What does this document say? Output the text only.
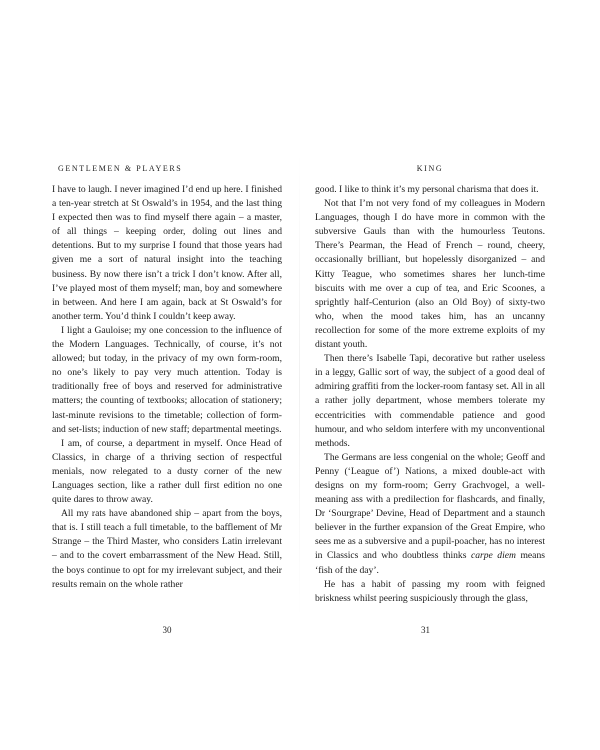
GENTLEMEN & PLAYERS

I have to laugh. I never imagined I’d end up here. I finished a ten-year stretch at St Oswald’s in 1954, and the last thing I expected then was to find myself there again – a master, of all things – keeping order, doling out lines and detentions. But to my surprise I found that those years had given me a sort of natural insight into the teaching business. By now there isn’t a trick I don’t know. After all, I’ve played most of them myself; man, boy and somewhere in between. And here I am again, back at St Oswald’s for another term. You’d think I couldn’t keep away.

I light a Gauloise; my one concession to the influence of the Modern Languages. Technically, of course, it’s not allowed; but today, in the privacy of my own form-room, no one’s likely to pay very much attention. Today is traditionally free of boys and reserved for administrative matters; the counting of textbooks; allocation of stationery; last-minute revisions to the timetable; collection of form-and set-lists; induction of new staff; departmental meetings.

I am, of course, a department in myself. Once Head of Classics, in charge of a thriving section of respectful menials, now relegated to a dusty corner of the new Languages section, like a rather dull first edition no one quite dares to throw away.

All my rats have abandoned ship – apart from the boys, that is. I still teach a full timetable, to the bafflement of Mr Strange – the Third Master, who considers Latin irrelevant – and to the covert embarrassment of the New Head. Still, the boys continue to opt for my irrelevant subject, and their results remain on the whole rather

30
KING

good. I like to think it’s my personal charisma that does it.

Not that I’m not very fond of my colleagues in Modern Languages, though I do have more in common with the subversive Gauls than with the humourless Teutons. There’s Pearman, the Head of French – round, cheery, occasionally brilliant, but hopelessly disorganized – and Kitty Teague, who sometimes shares her lunch-time biscuits with me over a cup of tea, and Eric Scoones, a sprightly half-Centurion (also an Old Boy) of sixty-two who, when the mood takes him, has an uncanny recollection for some of the more extreme exploits of my distant youth.

Then there’s Isabelle Tapi, decorative but rather useless in a leggy, Gallic sort of way, the subject of a good deal of admiring graffiti from the locker-room fantasy set. All in all a rather jolly department, whose members tolerate my eccentricities with commendable patience and good humour, and who seldom interfere with my unconventional methods.

The Germans are less congenial on the whole; Geoff and Penny (‘League of’) Nations, a mixed double-act with designs on my form-room; Gerry Grachvogel, a well-meaning ass with a predilection for flashcards, and finally, Dr ‘Sourgrape’ Devine, Head of Department and a staunch believer in the further expansion of the Great Empire, who sees me as a subversive and a pupil-poacher, has no interest in Classics and who doubtless thinks carpe diem means ‘fish of the day’.

He has a habit of passing my room with feigned briskness whilst peering suspiciously through the glass,

31
